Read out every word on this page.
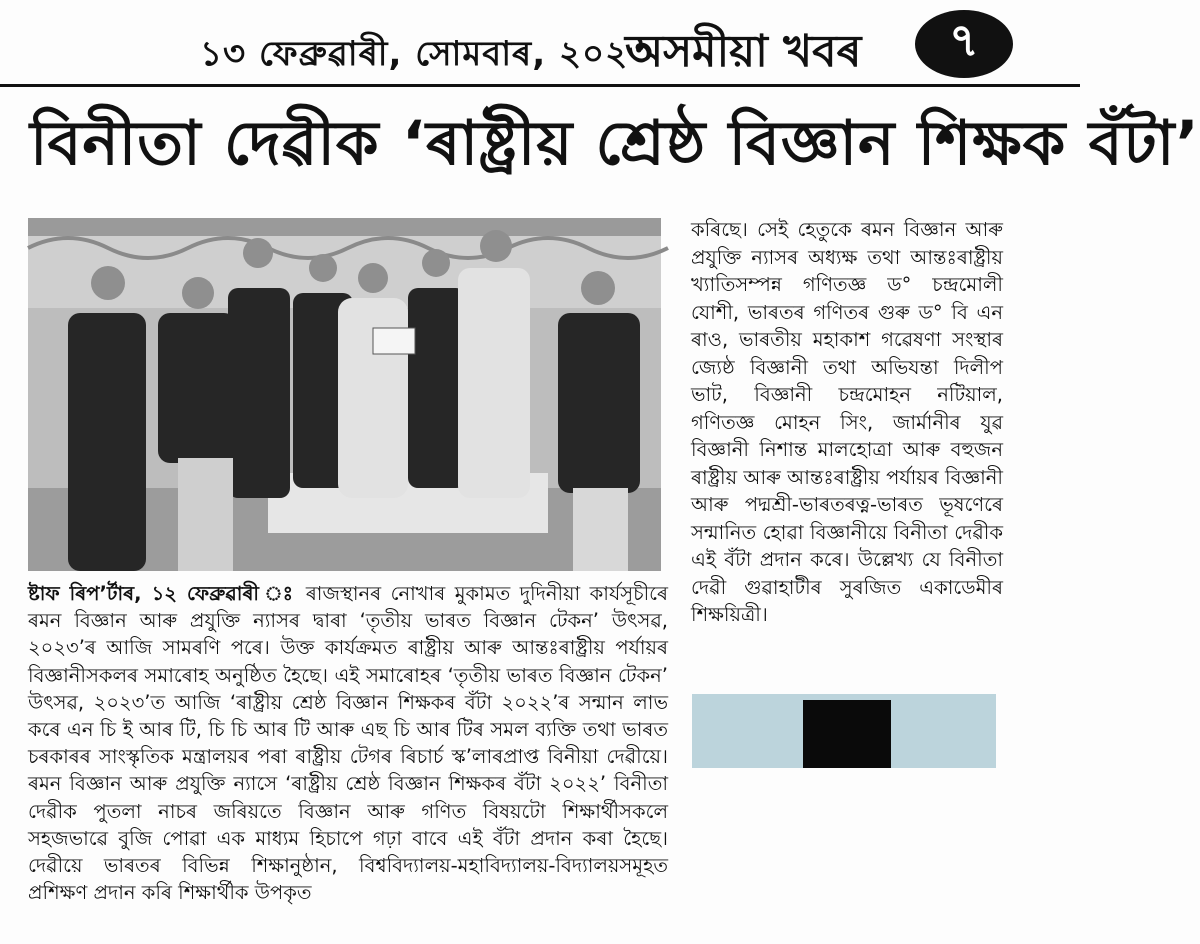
১৩ ফেব্ৰুৱাৰী, সোমবাৰ, ২০২৩
অসমীয়া খবৰ	৭
বিনীতা দেৱীক ‘ৰাষ্ট্ৰীয় শ্ৰেষ্ঠ বিজ্ঞান শিক্ষক বঁটা’
ষ্টাফ ৰিপ’ৰ্টাৰ, ১২ ফেব্ৰুৱাৰী ঃ ৰাজস্থানৰ নোখাৰ মুকামত দুদিনীয়া কাৰ্যসূচীৰে ৰমন বিজ্ঞান আৰু প্ৰযুক্তি ন্যাসৰ দ্বাৰা ‘তৃতীয় ভাৰত বিজ্ঞান টেকন’ উৎসৱ, ২০২৩’ৰ আজি সামৰণি পৰে। উক্ত কাৰ্যক্ৰমত ৰাষ্ট্ৰীয় আৰু আন্তঃৰাষ্ট্ৰীয় পৰ্যায়ৰ বিজ্ঞানীসকলৰ সমাৰোহ অনুষ্ঠিত হৈছে। এই সমাৰোহৰ ‘তৃতীয় ভাৰত বিজ্ঞান টেকন’ উৎসৱ, ২০২৩’ত আজি ‘ৰাষ্ট্ৰীয় শ্ৰেষ্ঠ বিজ্ঞান শিক্ষকৰ বঁটা ২০২২’ৰ সন্মান লাভ কৰে এন চি ই আৰ টি, চি চি আৰ টি আৰু এছ চি আৰ টিৰ সমল ব্যক্তি তথা ভাৰত চৰকাৰৰ সাংস্কৃতিক মন্ত্ৰালয়ৰ পৰা ৰাষ্ট্ৰীয় টেগৰ ৰিচাৰ্চ স্ক’লাৰপ্ৰাপ্ত বিনীয়া দেৱীয়ে। ৰমন বিজ্ঞান আৰু প্ৰযুক্তি ন্যাসে ‘ৰাষ্ট্ৰীয় শ্ৰেষ্ঠ বিজ্ঞান শিক্ষকৰ বঁটা ২০২২’ বিনীতা দেৱীক পুতলা নাচৰ জৰিয়তে বিজ্ঞান আৰু গণিত বিষয়টো শিক্ষাৰ্থীসকলে সহজভাৱে বুজি পোৱা এক মাধ্যম হিচাপে গঢ়া বাবে এই বঁটা প্ৰদান কৰা হৈছে। দেৱীয়ে ভাৰতৰ বিভিন্ন শিক্ষানুষ্ঠান, বিশ্ববিদ্যালয়-মহাবিদ্যালয়-বিদ্যালয়সমূহত প্ৰশিক্ষণ প্ৰদান কৰি শিক্ষাৰ্থীক উপকৃত
কৰিছে। সেই হেতুকে ৰমন বিজ্ঞান আৰু প্ৰযুক্তি ন্যাসৰ অধ্যক্ষ তথা আন্তঃৰাষ্ট্ৰীয় খ্যাতিসম্পন্ন গণিতজ্ঞ ড° চন্দ্ৰমোলী যোশী, ভাৰতৰ গণিতৰ গুৰু ড° বি এন ৰাও, ভাৰতীয় মহাকাশ গৱেষণা সংস্থাৰ জ্যেষ্ঠ বিজ্ঞানী তথা অভিযন্তা দিলীপ ভাট, বিজ্ঞানী চন্দ্ৰমোহন নটিয়াল, গণিতজ্ঞ মোহন সিং, জাৰ্মানীৰ যুৱ বিজ্ঞানী নিশান্ত মালহোত্ৰা আৰু বহুজন ৰাষ্ট্ৰীয় আৰু আন্তঃৰাষ্ট্ৰীয় পৰ্যায়ৰ বিজ্ঞানী আৰু পদ্মশ্ৰী-ভাৰতৰত্ন-ভাৰত ভূষণেৰে সন্মানিত হোৱা বিজ্ঞানীয়ে বিনীতা দেৱীক এই বঁটা প্ৰদান কৰে। উল্লেখ্য যে বিনীতা দেৱী গুৱাহাটীৰ সুৰজিত একাডেমীৰ শিক্ষয়িত্ৰী।
